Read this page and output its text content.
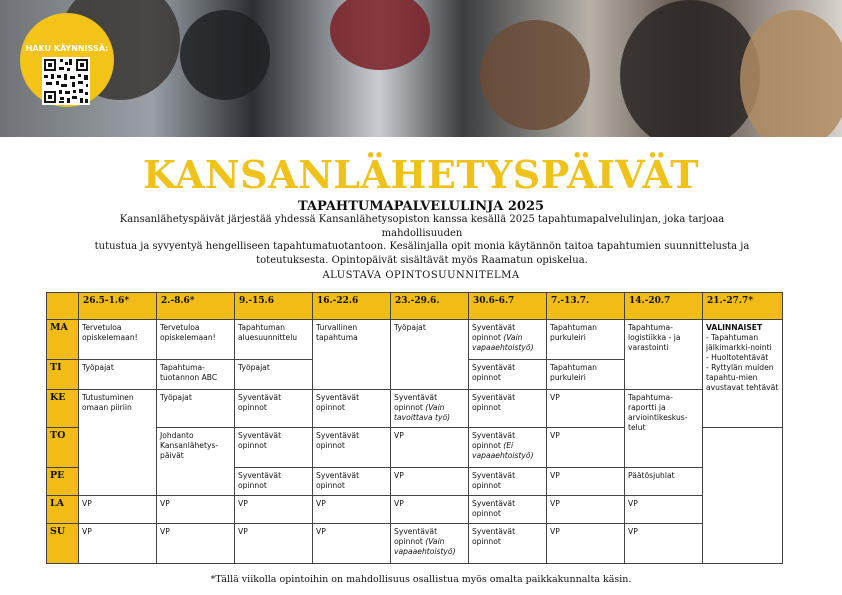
HAKU KÄYNNISSÄ:
KANSANLÄHETYSPÄIVÄT
TAPAHTUMAPALVELULINJA 2025
Kansanlähetyspäivät järjestää yhdessä Kansanlähetysopiston kanssa kesällä 2025 tapahtumapalvelulinjan, joka tarjoaa mahdollisuuden
tutustua ja syvyentyä hengelliseen tapahtumatuotantoon. Kesälinjalla opit monia käytännön taitoa tapahtumien suunnittelusta ja
toteutuksesta. Opintopäivät sisältävät myös Raamatun opiskelua.
ALUSTAVA OPINTOSUUNNITELMA
	26.5-1.6*	2.-8.6*	9.-15.6	16.-22.6	23.-29.6.	30.6-6.7	7.-13.7.	14.-20.7	21.-27.7*
MA	Tervetuloa opiskelemaan!	Tervetuloa opiskelemaan!	Tapahtuman aluesuunnittelu	Turvallinen tapahtuma	Työpajat	Syventävät opinnot (Vain vapaaehtoistyö)	Tapahtuman purkuleiri	Tapahtuma-logistiikka - ja varastointi	VALINNAISET
- Tapahtuman jälkimarkki-nointi
- Huoltotehtävät
- Ryttylän muiden tapahtu-mien avustavat tehtävät

TI	Työpajat	Tapahtuma-tuotannon ABC	Työpajat			Syventävät opinnot	Tapahtuman purkuleiri		
KE	Tutustuminen omaan piiriin	Työpajat	Syventävät opinnot	Syventävät opinnot	Syventävät opinnot (Vain tavoittava työ)	Syventävät opinnot	VP	Tapahtuma-raportti ja arviointikeskus-telut	
TO		Johdanto Kansanlähetys-päivät	Syventävät opinnot	Syventävät opinnot	VP	Syventävät opinnot (Ei vapaaehtoistyö)	VP		
PE			Syventävät opinnot	Syventävät opinnot	VP	Syventävät opinnot	VP	Päätösjuhlat	
LA	VP	VP	VP	VP	VP	Syventävät opinnot	VP	VP	
SU	VP	VP	VP	VP	Syventävät opinnot (Vain vapaaehtoistyö)	Syventävät opinnot	VP	VP	
*Tällä viikolla opintoihin on mahdollisuus osallistua myös omalta paikkakunnalta käsin.
